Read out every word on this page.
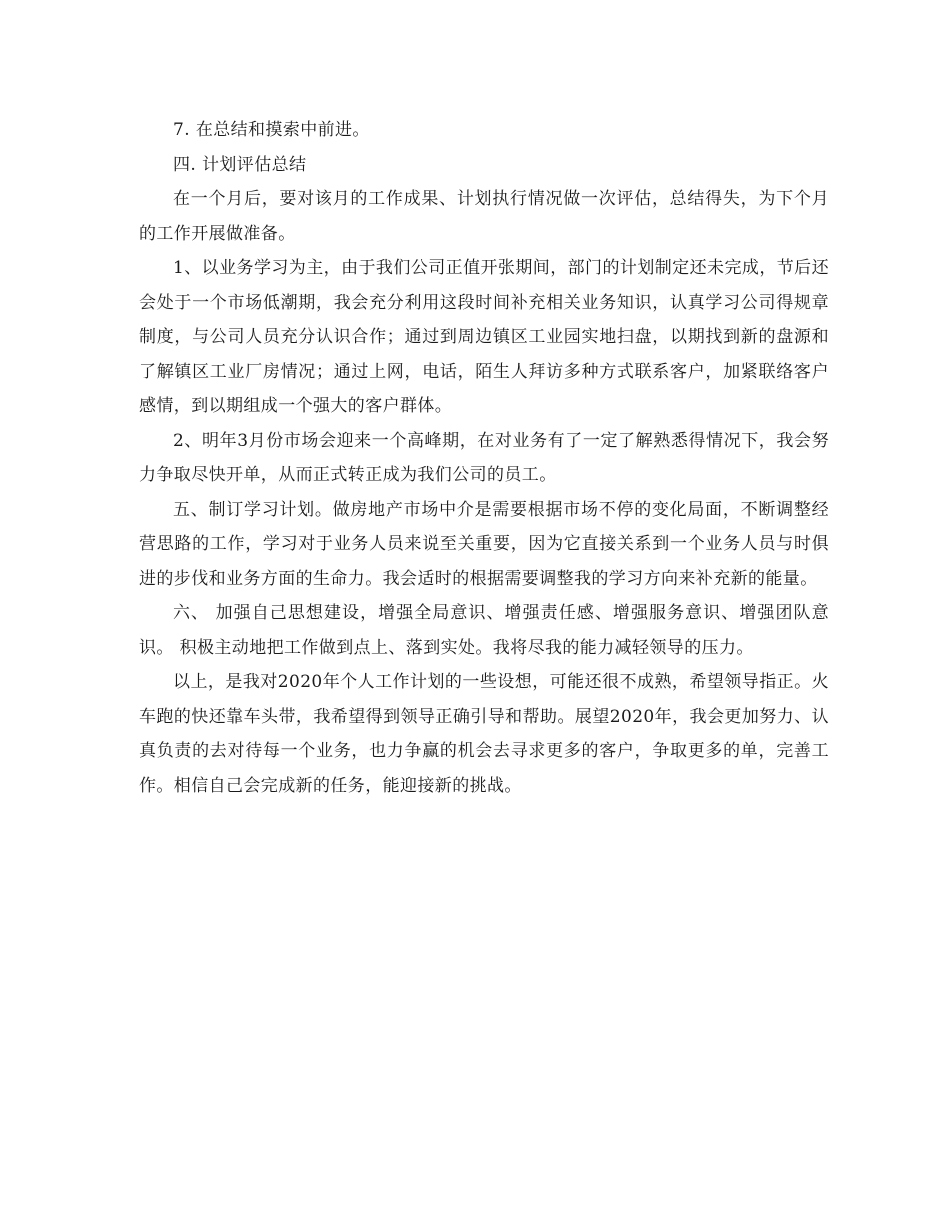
7. 在总结和摸索中前进。

四. 计划评估总结

在一个月后，要对该月的工作成果、计划执行情况做一次评估，总结得失，为下个月的工作开展做准备。

1、以业务学习为主，由于我们公司正值开张期间，部门的计划制定还未完成，节后还会处于一个市场低潮期，我会充分利用这段时间补充相关业务知识，认真学习公司得规章制度，与公司人员充分认识合作；通过到周边镇区工业园实地扫盘，以期找到新的盘源和了解镇区工业厂房情况；通过上网，电话，陌生人拜访多种方式联系客户，加紧联络客户感情，到以期组成一个强大的客户群体。

2、明年3月份市场会迎来一个高峰期，在对业务有了一定了解熟悉得情况下，我会努力争取尽快开单，从而正式转正成为我们公司的员工。

五、制订学习计划。做房地产市场中介是需要根据市场不停的变化局面，不断调整经营思路的工作，学习对于业务人员来说至关重要，因为它直接关系到一个业务人员与时俱进的步伐和业务方面的生命力。我会适时的根据需要调整我的学习方向来补充新的能量。

六、 加强自己思想建设，增强全局意识、增强责任感、增强服务意识、增强团队意识。 积极主动地把工作做到点上、落到实处。我将尽我的能力减轻领导的压力。

以上，是我对2020年个人工作计划的一些设想，可能还很不成熟，希望领导指正。火车跑的快还靠车头带，我希望得到领导正确引导和帮助。展望2020年，我会更加努力、认真负责的去对待每一个业务，也力争赢的机会去寻求更多的客户，争取更多的单，完善工作。相信自己会完成新的任务，能迎接新的挑战。
